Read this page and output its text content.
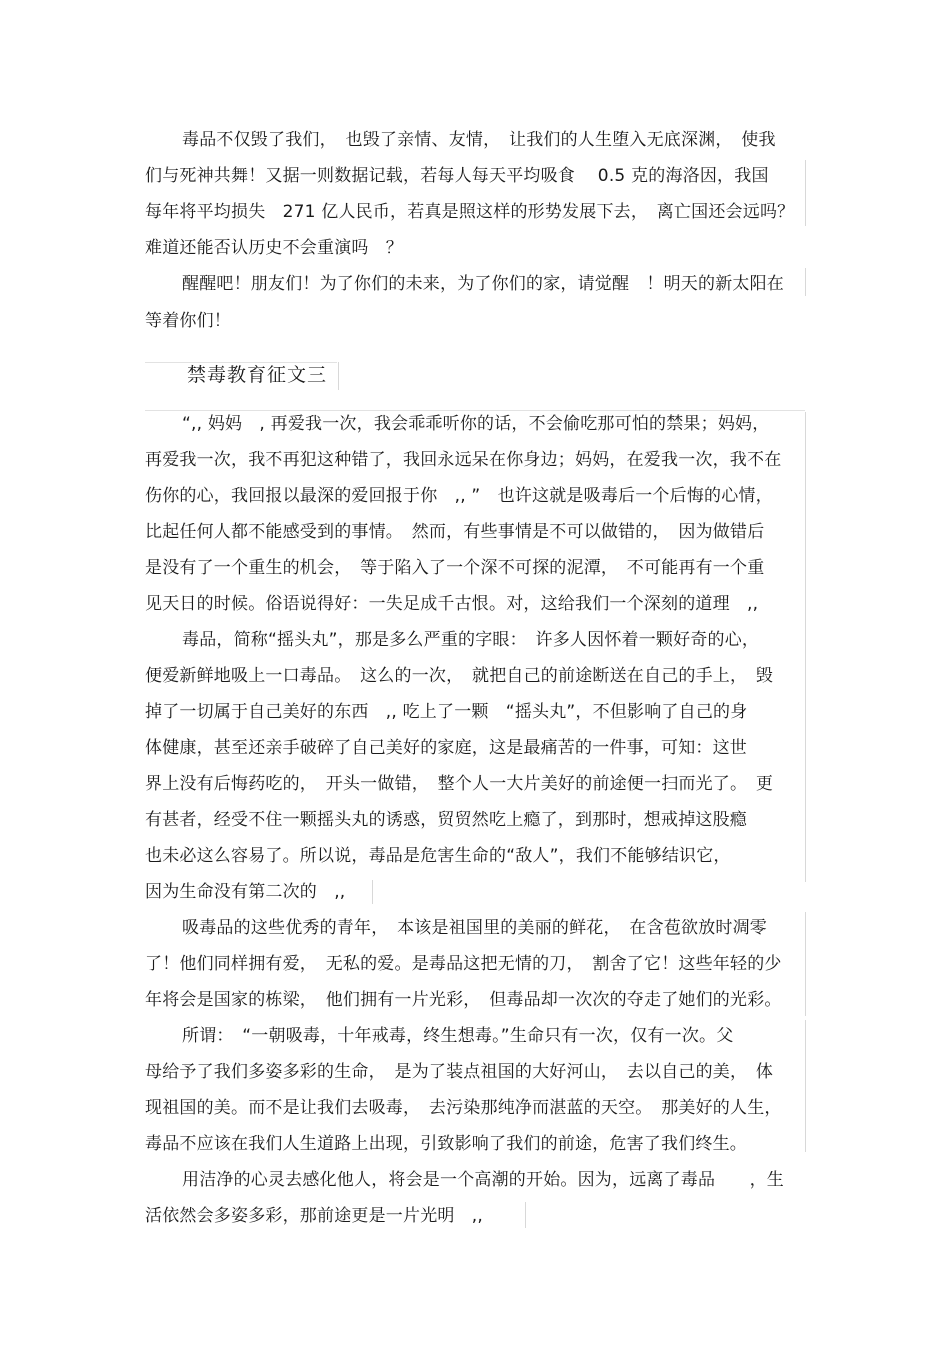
毒品不仅毁了我们，　也毁了亲情、友情，　让我们的人生堕入无底深渊，　使我
们与死神共舞！又据一则数据记载，若每人每天平均吸食　 0.5 克的海洛因，我国
每年将平均损失　271 亿人民币，若真是照这样的形势发展下去，　离亡国还会远吗？
难道还能否认历史不会重演吗　？
醒醒吧！朋友们！为了你们的未来，为了你们的家，请觉醒　！明天的新太阳在
等着你们！
禁毒教育征文三
“,, 妈妈　, 再爱我一次，我会乖乖听你的话，不会偷吃那可怕的禁果；妈妈，
再爱我一次，我不再犯这种错了，我回永远呆在你身边；妈妈，在爱我一次，我不在
伤你的心，我回报以最深的爱回报于你　,, ”　也许这就是吸毒后一个后悔的心情，
比起任何人都不能感受到的事情。　然而，有些事情是不可以做错的，　因为做错后
是没有了一个重生的机会，　等于陷入了一个深不可探的泥潭，　不可能再有一个重
见天日的时候。俗语说得好：一失足成千古恨。对，这给我们一个深刻的道理　,,
毒品，简称“摇头丸”，那是多么严重的字眼：　许多人因怀着一颗好奇的心，
便爱新鲜地吸上一口毒品。　这么的一次，　就把自己的前途断送在自己的手上，　毁
掉了一切属于自己美好的东西　,, 吃上了一颗　“摇头丸”，不但影响了自己的身
体健康，甚至还亲手破碎了自己美好的家庭，这是最痛苦的一件事，可知：这世
界上没有后悔药吃的，　开头一做错，　整个人一大片美好的前途便一扫而光了。　更
有甚者，经受不住一颗摇头丸的诱惑，贸贸然吃上瘾了，到那时，想戒掉这股瘾
也未必这么容易了。所以说，毒品是危害生命的“敌人”，我们不能够结识它，
因为生命没有第二次的　,,
吸毒品的这些优秀的青年，　本该是祖国里的美丽的鲜花，　在含苞欲放时凋零
了！他们同样拥有爱，　无私的爱。是毒品这把无情的刀，　割舍了它！这些年轻的少
年将会是国家的栋梁，　他们拥有一片光彩，　但毒品却一次次的夺走了她们的光彩。
所谓：　“一朝吸毒，十年戒毒，终生想毒。”生命只有一次，仅有一次。父
母给予了我们多姿多彩的生命，　是为了装点祖国的大好河山，　去以自己的美，　体
现祖国的美。而不是让我们去吸毒，　去污染那纯净而湛蓝的天空。　那美好的人生，
毒品不应该在我们人生道路上出现，引致影响了我们的前途，危害了我们终生。
用洁净的心灵去感化他人，将会是一个高潮的开始。因为，远离了毒品　　，生
活依然会多姿多彩，那前途更是一片光明　,,
